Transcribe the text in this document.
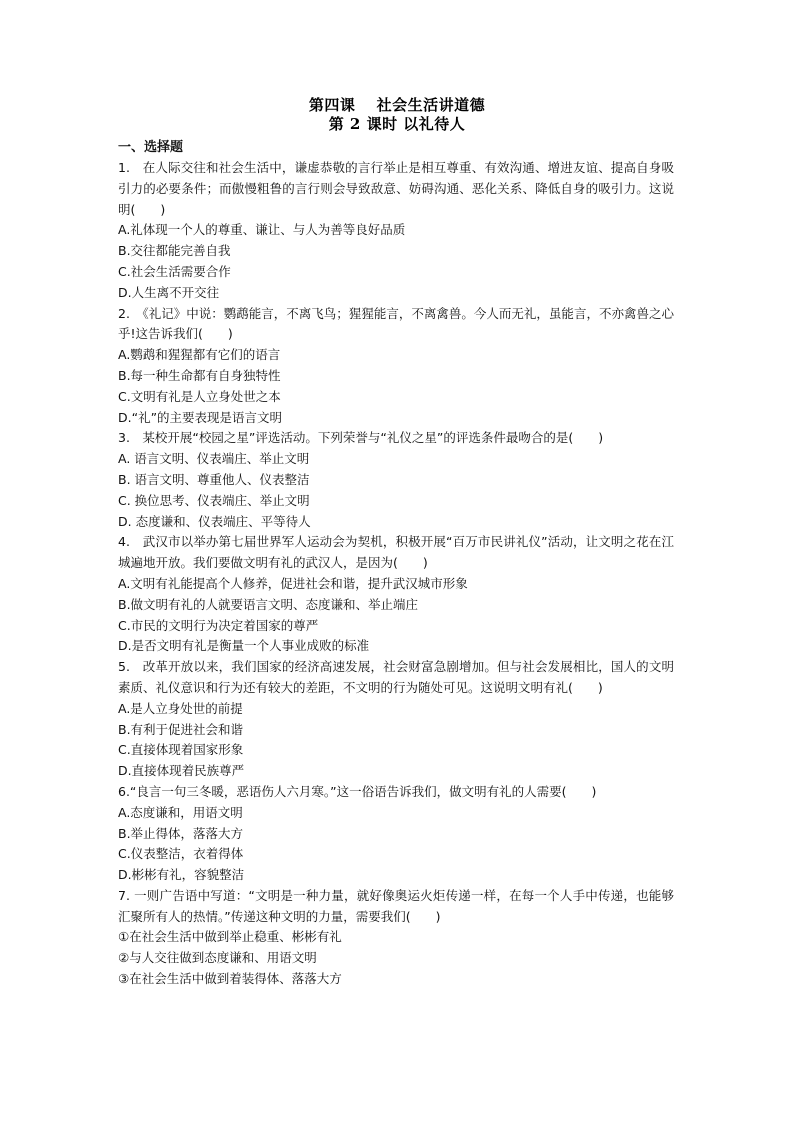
第四课　 社会生活讲道德
第 2 课时 以礼待人
一、选择题

1.　在人际交往和社会生活中，谦虚恭敬的言行举止是相互尊重、有效沟通、增进友谊、提高自身吸引力的必要条件；而傲慢粗鲁的言行则会导致敌意、妨碍沟通、恶化关系、降低自身的吸引力。这说明(　　)

A.礼体现一个人的尊重、谦让、与人为善等良好品质

B.交往都能完善自我

C.社会生活需要合作

D.人生离不开交往

2.　《礼记》中说：鹦鹉能言，不离飞鸟；猩猩能言，不离禽兽。今人而无礼，虽能言，不亦禽兽之心乎!这告诉我们(　　)

A.鹦鹉和猩猩都有它们的语言

B.每一种生命都有自身独特性

C.文明有礼是人立身处世之本

D.“礼”的主要表现是语言文明

3.　某校开展“校园之星”评选活动。下列荣誉与“礼仪之星”的评选条件最吻合的是(　　)

A. 语言文明、仪表端庄、举止文明

B. 语言文明、尊重他人、仪表整洁

C. 换位思考、仪表端庄、举止文明

D. 态度谦和、仪表端庄、平等待人

4.　武汉市以举办第七届世界军人运动会为契机，积极开展“百万市民讲礼仪”活动，让文明之花在江城遍地开放。我们要做文明有礼的武汉人，是因为(　　)

A.文明有礼能提高个人修养，促进社会和谐，提升武汉城市形象

B.做文明有礼的人就要语言文明、态度谦和、举止端庄

C.市民的文明行为决定着国家的尊严

D.是否文明有礼是衡量一个人事业成败的标准

5.　改革开放以来，我们国家的经济高速发展，社会财富急剧增加。但与社会发展相比，国人的文明素质、礼仪意识和行为还有较大的差距，不文明的行为随处可见。这说明文明有礼(　　)

A.是人立身处世的前提

B.有利于促进社会和谐

C.直接体现着国家形象

D.直接体现着民族尊严

6.“良言一句三冬暖，恶语伤人六月寒。”这一俗语告诉我们，做文明有礼的人需要(　　)

A.态度谦和，用语文明

B.举止得体，落落大方

C.仪表整洁，衣着得体

D.彬彬有礼，容貌整洁

7. 一则广告语中写道：“文明是一种力量，就好像奥运火炬传递一样，在每一个人手中传递，也能够汇聚所有人的热情。”传递这种文明的力量，需要我们(　　)

①在社会生活中做到举止稳重、彬彬有礼

②与人交往做到态度谦和、用语文明

③在社会生活中做到着装得体、落落大方
